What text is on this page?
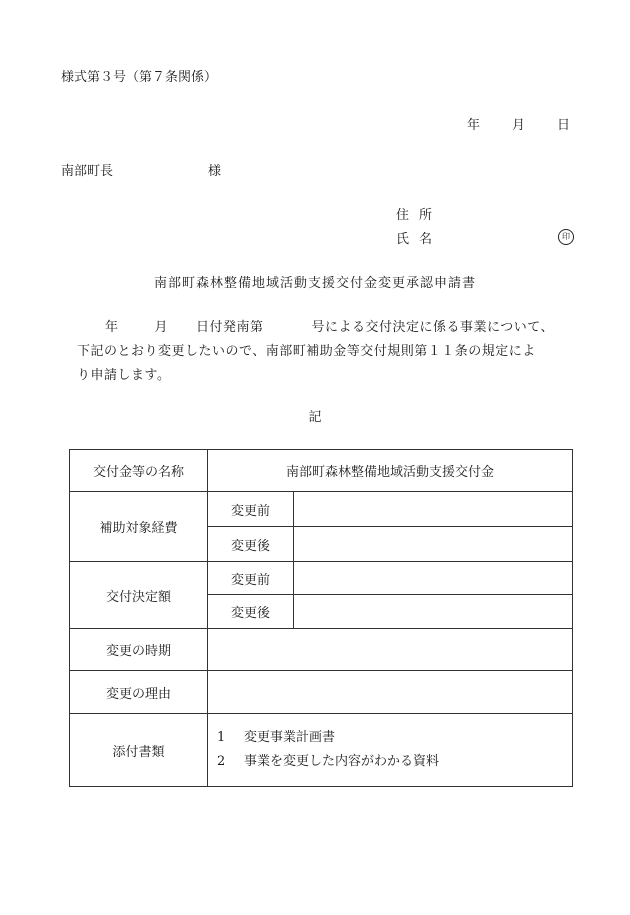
様式第３号（第７条関係）
年 月 日
南部町長	様
住所
氏名	印
南部町森林整備地域活動支援交付金変更承認申請書
年	月 日付発南第	号による交付決定に係る事業について、
下記のとおり変更したいので、南部町補助金等交付規則第１１条の規定によ
り申請します。
記
交付金等の名称	南部町森林整備地域活動支援交付金	
補助対象経費	変更前	
	変更後	
交付決定額	変更前	
	変更後	
変更の時期		
変更の理由		
添付書類	1 変更事業計画書
2 事業を変更した内容がわかる資料	
